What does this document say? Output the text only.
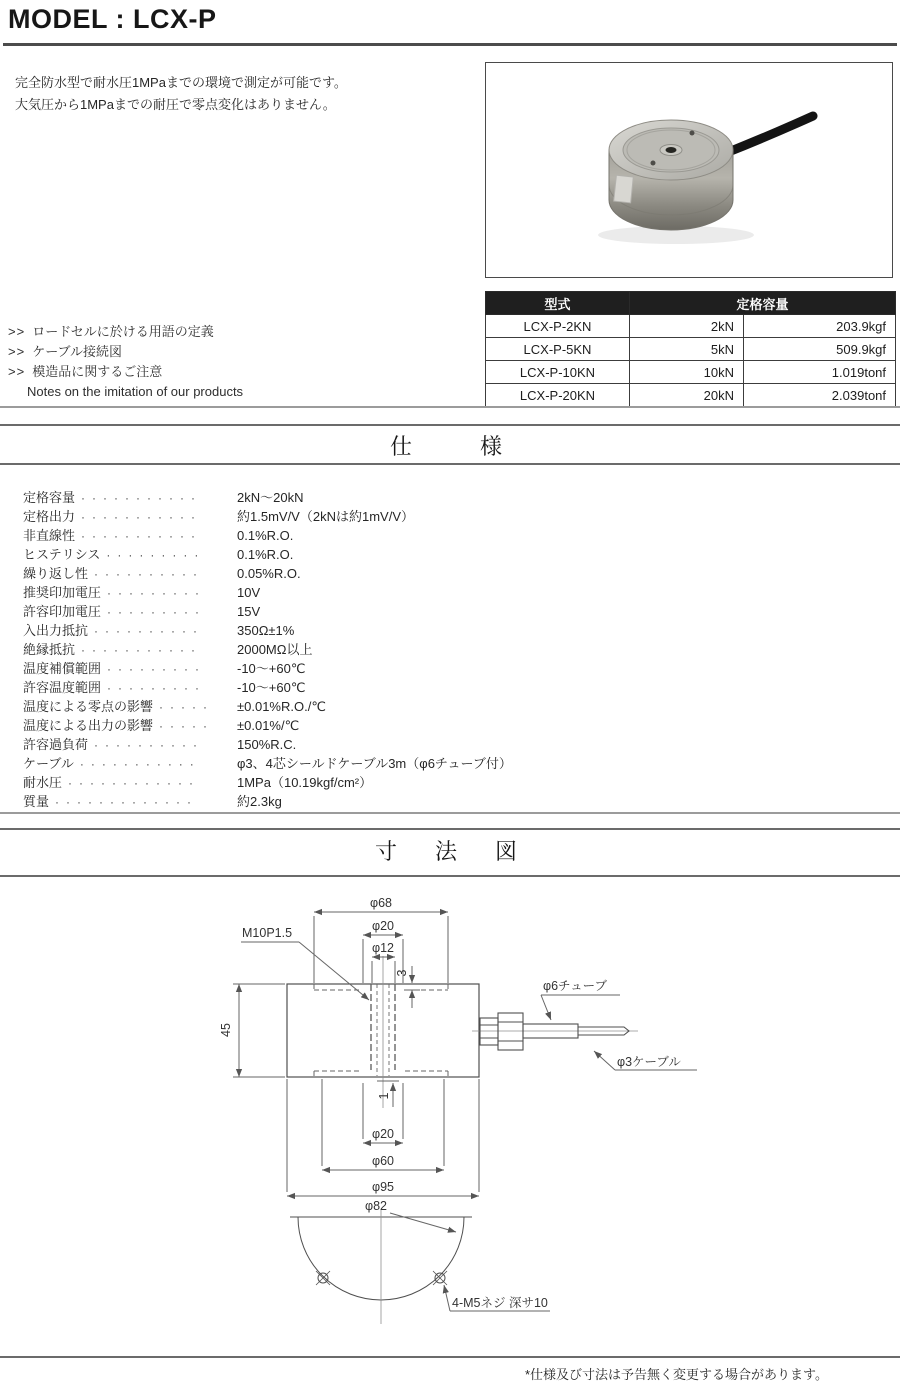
MODEL : LCX-P
完全防水型で耐水圧1MPaまでの環境で測定が可能です。
大気圧から1MPaまでの耐圧で零点変化はありません。
>> ロードセルに於ける用語の定義
>> ケーブル接続図
>> 模造品に関するご注意
Notes on the imitation of our products
型式	定格容量	
LCX-P-2KN	2kN	203.9kgf
LCX-P-5KN	5kN	509.9kgf
LCX-P-10KN	10kN	1.019tonf
LCX-P-20KN	20kN	2.039tonf
仕　　様
定格容量 ···········	2kN～20kN
定格出力 ···········	約1.5mV/V（2kNは約1mV/V）
非直線性 ···········	0.1%R.O.
ヒステリシス ·········	0.1%R.O.
繰り返し性 ··········	0.05%R.O.
推奨印加電圧 ·········	10V
許容印加電圧 ·········	15V
入出力抵抗 ··········	350Ω±1%
絶縁抵抗 ···········	2000MΩ以上
温度補償範囲 ·········	-10～+60℃
許容温度範囲 ·········	-10～+60℃
温度による零点の影響 ·····	±0.01%R.O./℃
温度による出力の影響 ·····	±0.01%/℃
許容過負荷 ··········	150%R.C.
ケーブル ···········	φ3、4芯シールドケーブル3m（φ6チューブ付）
耐水圧 ············	1MPa（10.19kgf/cm²）
質量 ·············	約2.3kg
寸　法　図
φ68
φ20
φ12
3
45
M10P1.5
φ6チューブ
φ3ケーブル
1
φ20
φ60
φ95
φ82
4-M5ネジ 深サ10
*仕様及び寸法は予告無く変更する場合があります。
